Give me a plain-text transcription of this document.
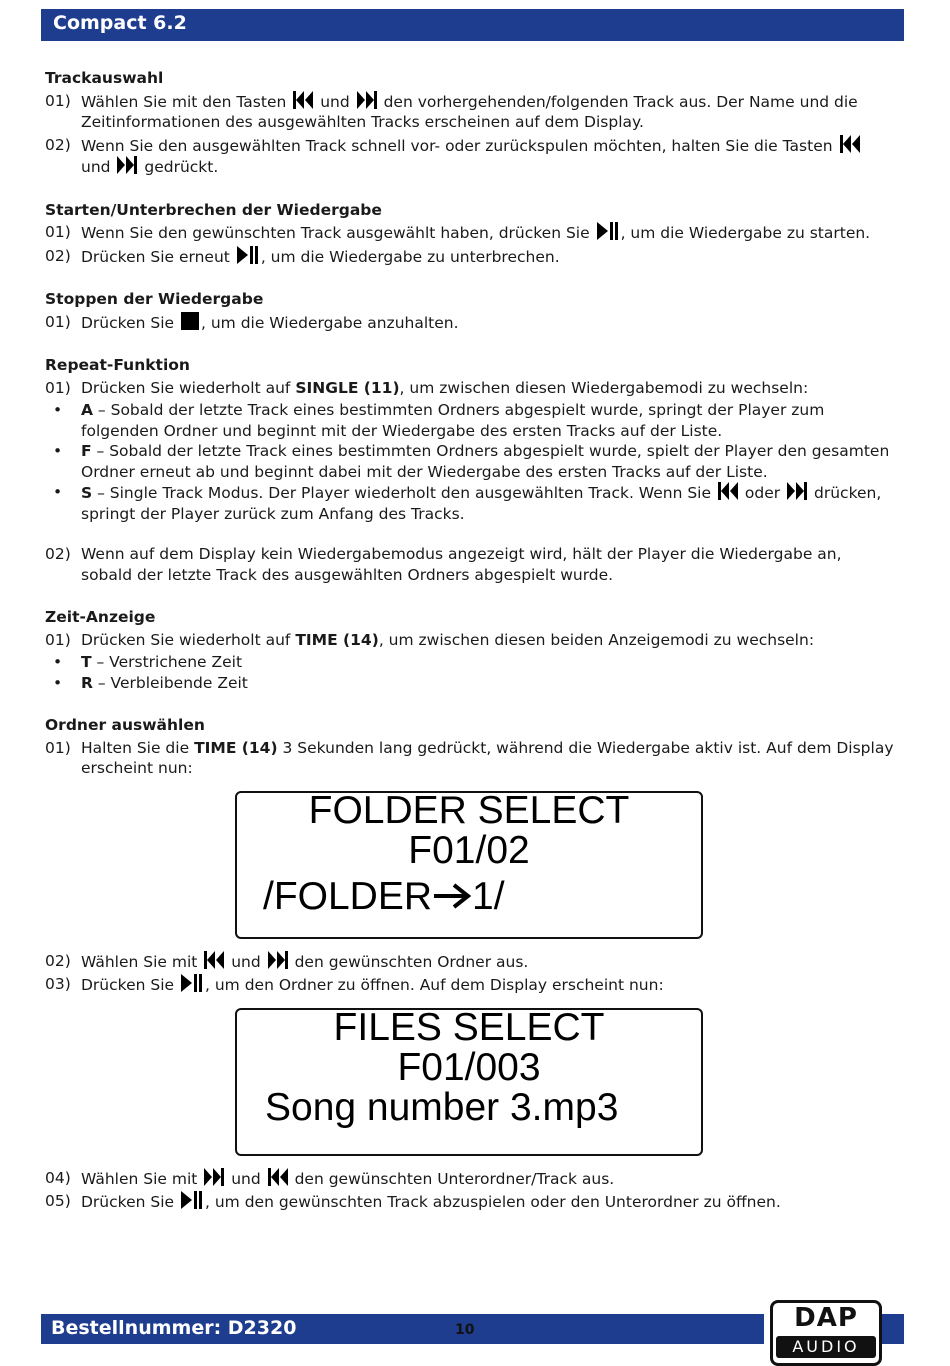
Compact 6.2
Trackauswahl
01) Wählen Sie mit den Tasten und den vorhergehenden/folgenden Track aus. Der Name und die Zeitinformationen des ausgewählten Tracks erscheinen auf dem Display.
02) Wenn Sie den ausgewählten Track schnell vor- oder zurückspulen möchten, halten Sie die Tasten  und gedrückt.
Starten/Unterbrechen der Wiedergabe
01) Wenn Sie den gewünschten Track ausgewählt haben, drücken Sie , um die Wiedergabe zu starten.
02) Drücken Sie erneut , um die Wiedergabe zu unterbrechen.
Stoppen der Wiedergabe
01) Drücken Sie , um die Wiedergabe anzuhalten.
Repeat-Funktion
01) Drücken Sie wiederholt auf SINGLE (11), um zwischen diesen Wiedergabemodi zu wechseln:
• A – Sobald der letzte Track eines bestimmten Ordners abgespielt wurde, springt der Player zum folgenden Ordner und beginnt mit der Wiedergabe des ersten Tracks auf der Liste.
• F – Sobald der letzte Track eines bestimmten Ordners abgespielt wurde, spielt der Player den gesamten Ordner erneut ab und beginnt dabei mit der Wiedergabe des ersten Tracks auf der Liste.
• S – Single Track Modus. Der Player wiederholt den ausgewählten Track. Wenn Sie oder drücken, springt der Player zurück zum Anfang des Tracks.
02) Wenn auf dem Display kein Wiedergabemodus angezeigt wird, hält der Player die Wiedergabe an, sobald der letzte Track des ausgewählten Ordners abgespielt wurde.
Zeit-Anzeige
01) Drücken Sie wiederholt auf TIME (14), um zwischen diesen beiden Anzeigemodi zu wechseln:
• T – Verstrichene Zeit
• R – Verbleibende Zeit
Ordner auswählen
01) Halten Sie die TIME (14) 3 Sekunden lang gedrückt, während die Wiedergabe aktiv ist. Auf dem Display erscheint nun:
FOLDER SELECT
F01/02
/FOLDER 1/
02) Wählen Sie mit und den gewünschten Ordner aus.
03) Drücken Sie , um den Ordner zu öffnen. Auf dem Display erscheint nun:
FILES SELECT
F01/003
Song number 3.mp3
04) Wählen Sie mit und den gewünschten Unterordner/Track aus.
05) Drücken Sie , um den gewünschten Track abzuspielen oder den Unterordner zu öffnen.
Bestellnummer: D2320	10	DAP
AUDIO
